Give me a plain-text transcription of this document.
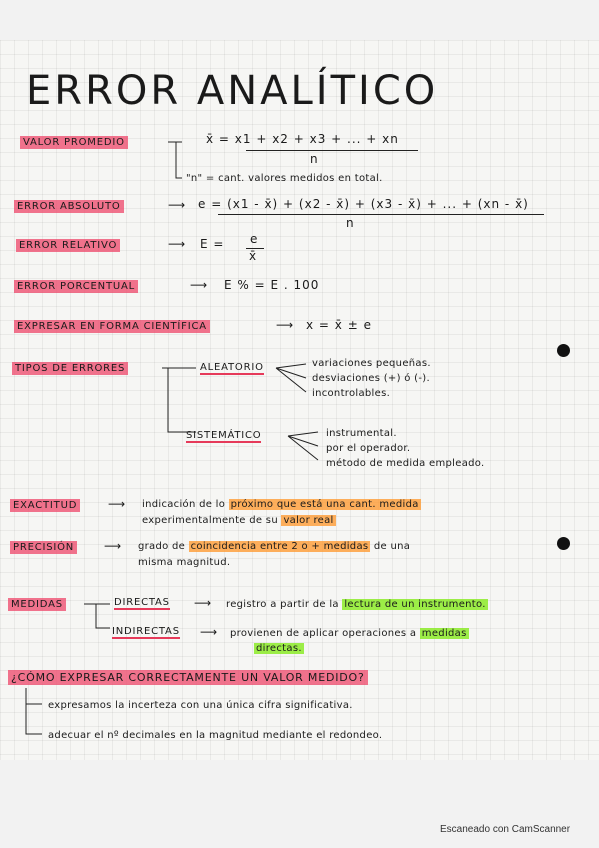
ERROR ANALÍTICO
VALOR PROMEDIO	x̄ = x1 + x2 + x3 + ... + xn
n
"n" = cant. valores medidos en total.
ERROR ABSOLUTO	⟶ e = (x1 - x̄) + (x2 - x̄) + (x3 - x̄) + ... + (xn - x̄)
n
ERROR RELATIVO	⟶ E = e
x̄
ERROR PORCENTUAL	⟶ E % = E . 100
EXPRESAR EN FORMA CIENTÍFICA	⟶ x = x̄ ± e
TIPOS DE ERRORES	ALEATORIO	variaciones pequeñas.
desviaciones (+) ó (-).
incontrolables.
SISTEMÁTICO	instrumental.
por el operador.
método de medida empleado.
EXACTITUD	⟶ indicación de lo próximo que está una cant. medida
experimentalmente de su valor real
PRECISIÓN ⟶ grado de coincidencia entre 2 o + medidas de una
misma magnitud.
MEDIDAS	DIRECTAS ⟶ registro a partir de la lectura de un instrumento.
INDIRECTAS ⟶ provienen de aplicar operaciones a medidas
directas.
¿CÓMO EXPRESAR CORRECTAMENTE UN VALOR MEDIDO?
expresamos la incerteza con una única cifra significativa.
adecuar el nº decimales en la magnitud mediante el redondeo.
Escaneado con CamScanner
